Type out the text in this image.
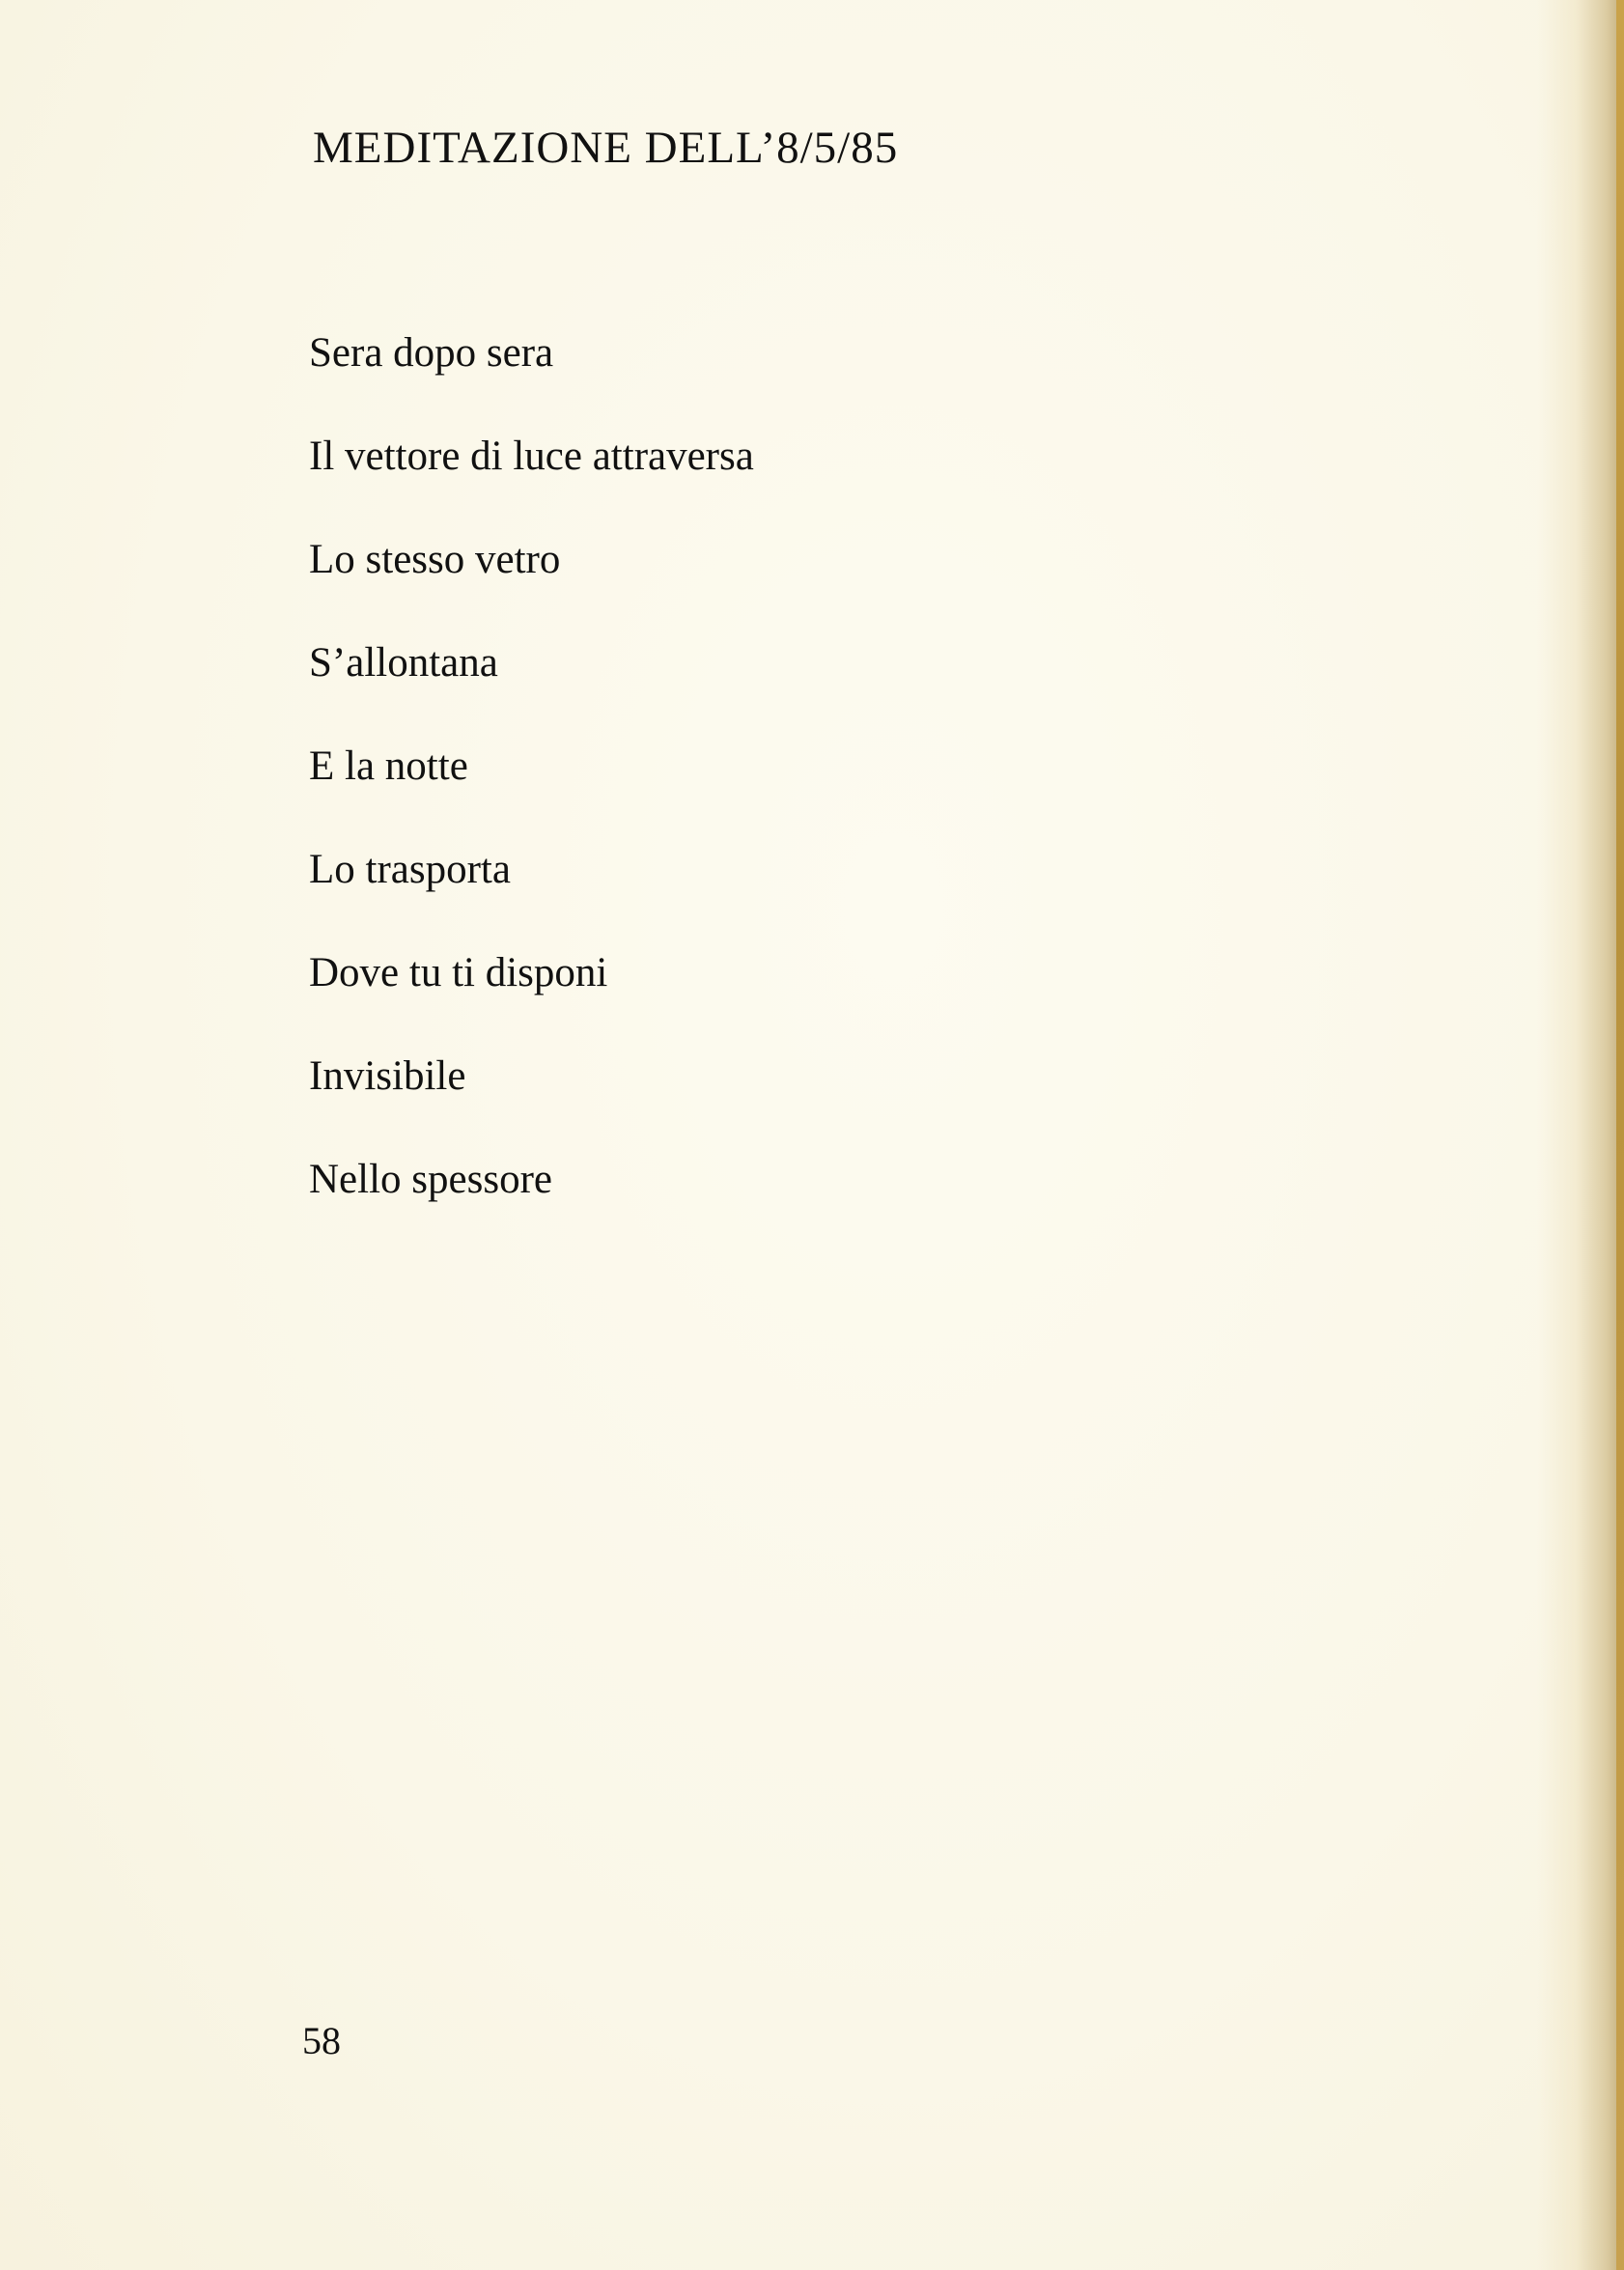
MEDITAZIONE DELL’8/5/85
Sera dopo sera
Il vettore di luce attraversa
Lo stesso vetro
S’allontana
E la notte
Lo trasporta
Dove tu ti disponi
Invisibile
Nello spessore

58
